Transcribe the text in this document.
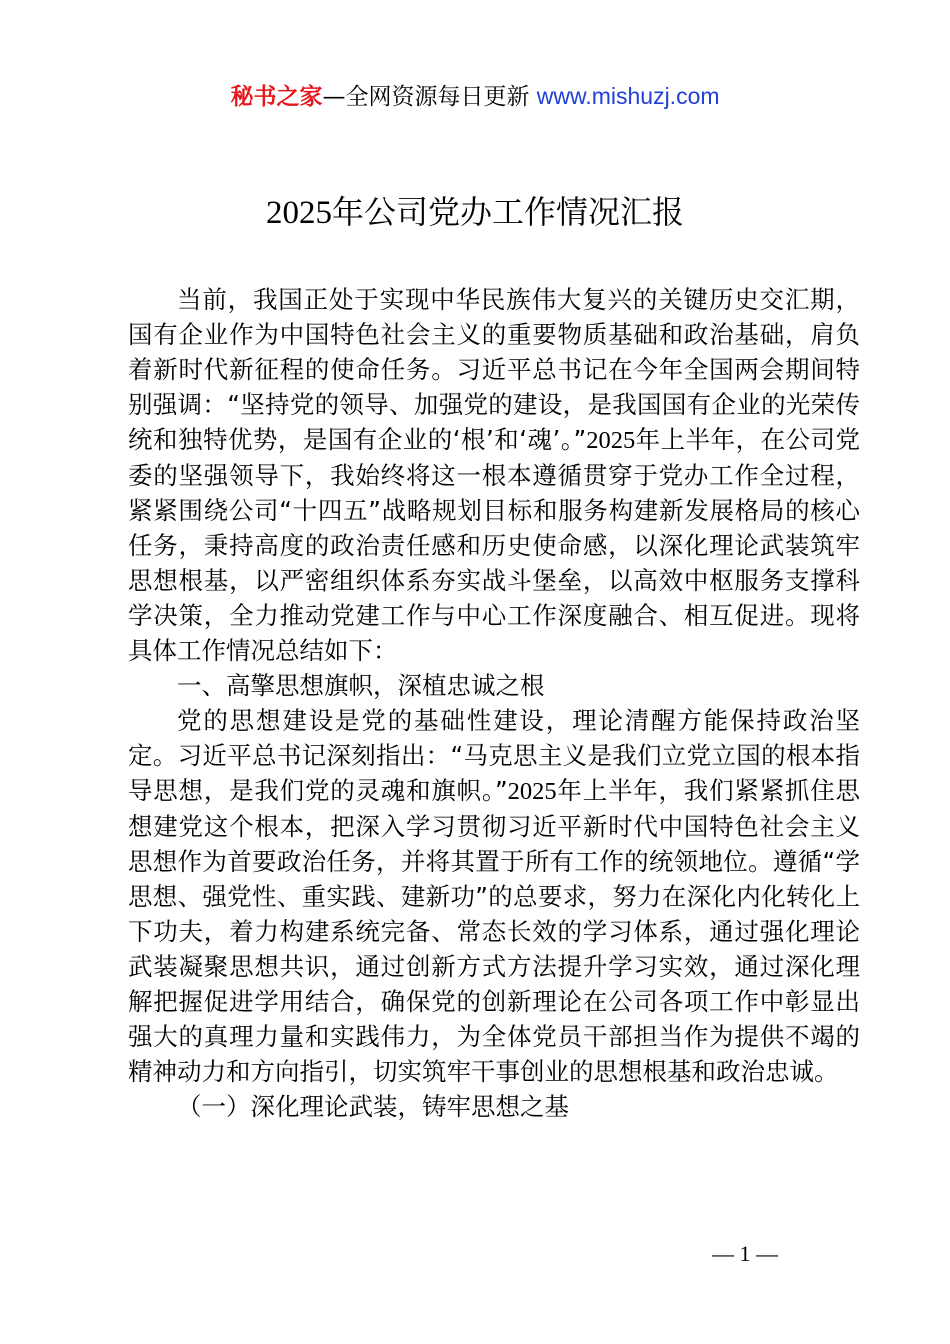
秘书之家—全网资源每日更新 www.mishuzj.com
2025年公司党办工作情况汇报

当前，我国正处于实现中华民族伟大复兴的关键历史交汇期，国有企业作为中国特色社会主义的重要物质基础和政治基础，肩负着新时代新征程的使命任务。习近平总书记在今年全国两会期间特别强调：“坚持党的领导、加强党的建设，是我国国有企业的光荣传统和独特优势，是国有企业的‘根’和‘魂’。”2025年上半年，在公司党委的坚强领导下，我始终将这一根本遵循贯穿于党办工作全过程，紧紧围绕公司“十四五”战略规划目标和服务构建新发展格局的核心任务，秉持高度的政治责任感和历史使命感，以深化理论武装筑牢思想根基，以严密组织体系夯实战斗堡垒，以高效中枢服务支撑科学决策，全力推动党建工作与中心工作深度融合、相互促进。现将具体工作情况总结如下：

一、高擎思想旗帜，深植忠诚之根

党的思想建设是党的基础性建设，理论清醒方能保持政治坚定。习近平总书记深刻指出：“马克思主义是我们立党立国的根本指导思想，是我们党的灵魂和旗帜。”2025年上半年，我们紧紧抓住思想建党这个根本，把深入学习贯彻习近平新时代中国特色社会主义思想作为首要政治任务，并将其置于所有工作的统领地位。遵循“学思想、强党性、重实践、建新功”的总要求，努力在深化内化转化上下功夫，着力构建系统完备、常态长效的学习体系，通过强化理论武装凝聚思想共识，通过创新方式方法提升学习实效，通过深化理解把握促进学用结合，确保党的创新理论在公司各项工作中彰显出强大的真理力量和实践伟力，为全体党员干部担当作为提供不竭的精神动力和方向指引，切实筑牢干事创业的思想根基和政治忠诚。

（一）深化理论武装，铸牢思想之基

— 1 —
